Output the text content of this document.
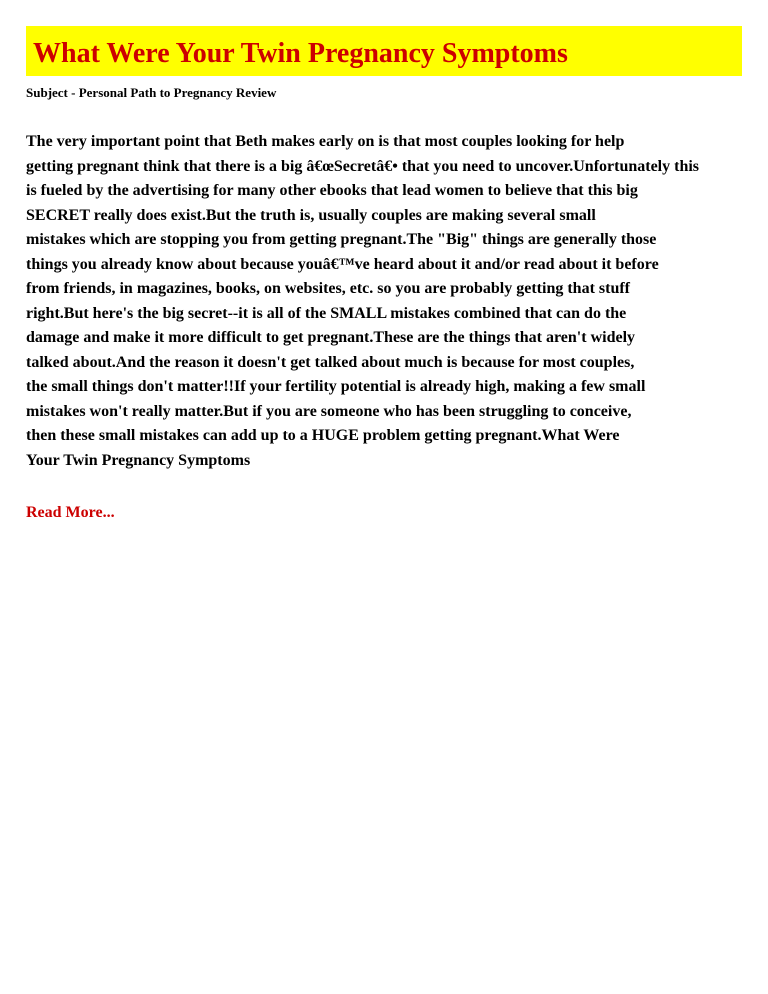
What Were Your Twin Pregnancy Symptoms

Subject - Personal Path to Pregnancy Review

The very important point that Beth makes early on is that most couples looking for help
getting pregnant think that there is a big â€œSecretâ€• that you need to uncover.Unfortunately this
is fueled by the advertising for many other ebooks that lead women to believe that this big
SECRET really does exist.But the truth is, usually couples are making several small
mistakes which are stopping you from getting pregnant.The "Big" things are generally those
things you already know about because youâ€™ve heard about it and/or read about it before
from friends, in magazines, books, on websites, etc. so you are probably getting that stuff
right.But here's the big secret--it is all of the SMALL mistakes combined that can do the
damage and make it more difficult to get pregnant.These are the things that aren't widely
talked about.And the reason it doesn't get talked about much is because for most couples,
the small things don't matter!!If your fertility potential is already high, making a few small
mistakes won't really matter.But if you are someone who has been struggling to conceive,
then these small mistakes can add up to a HUGE problem getting pregnant.What Were
Your Twin Pregnancy Symptoms
Read More...
